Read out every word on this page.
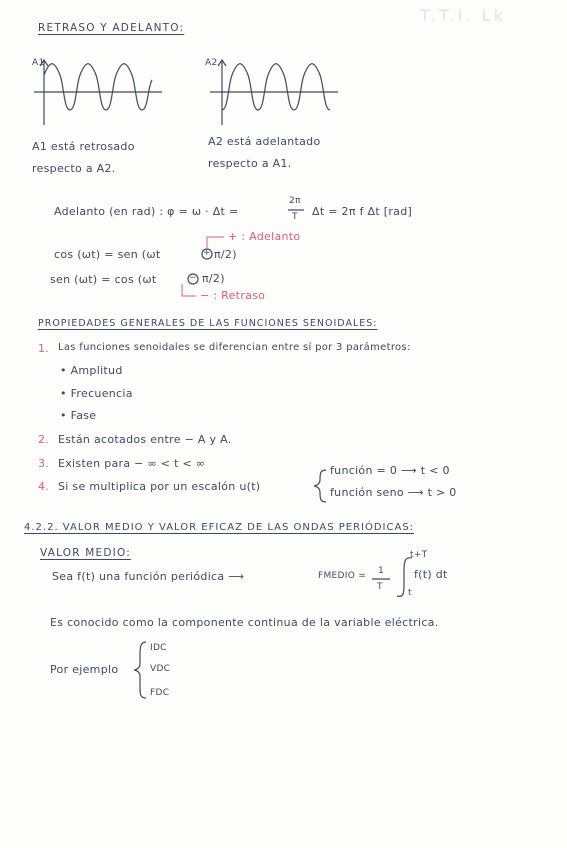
T.T.I. Lk
RETRASO Y ADELANTO:
A1	A2
A1 está retrosado
respecto a A2.
A2 está adelantado
respecto a A1.
Adelanto (en rad) : φ = ω · Δt =
2π
T Δt = 2π f Δt [rad]
+ : Adelanto
cos (ωt) = sen (ωt	+ π/2)
sen (ωt) = cos (ωt	− π/2)
− : Retraso
PROPIEDADES GENERALES DE LAS FUNCIONES SENOIDALES:
1. Las funciones senoidales se diferencian entre sí por 3 parámetros:
• Amplitud
• Frecuencia
• Fase
2. Están acotados entre − A y A.
3. Existen para − ∞ < t < ∞
4. Si se multiplica por un escalón u(t)
función = 0 ⟶ t < 0
función seno ⟶ t > 0
4.2.2. VALOR MEDIO Y VALOR EFICAZ DE LAS ONDAS PERIÓDICAS:
VALOR MEDIO:
Sea f(t) una función periódica ⟶	FMEDIO = 1
T
t+T
t
f(t) dt
Es conocido como la componente continua de la variable eléctrica.
Por ejemplo
IDC
VDC
FDC
